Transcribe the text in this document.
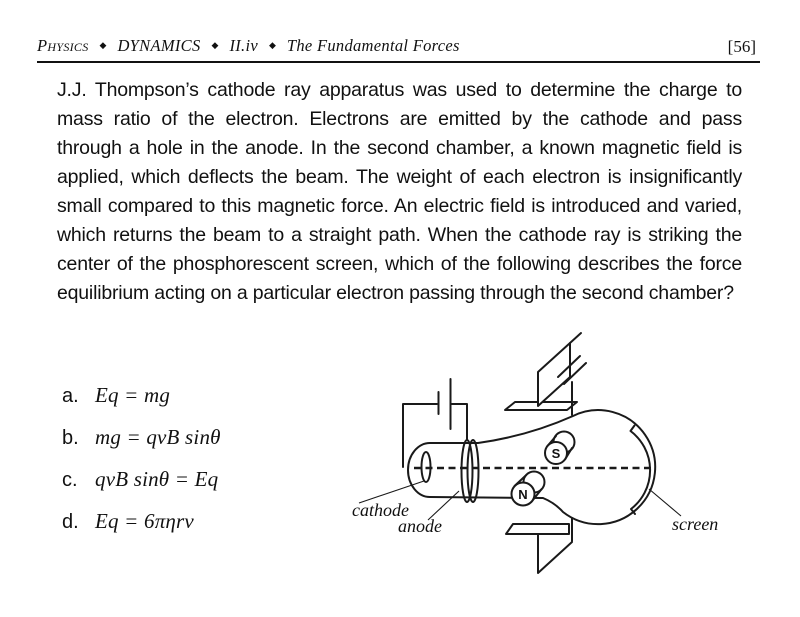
Physics ◆ DYNAMICS ◆ II.iv ◆ The Fundamental Forces	[56]
J.J. Thompson’s cathode ray apparatus was used to determine the charge to mass ratio of the electron. Electrons are emitted by the cathode and pass through a hole in the anode. In the second chamber, a known magnetic field is applied, which deflects the beam. The weight of each electron is insignificantly small compared to this magnetic force. An electric field is introduced and varied, which returns the beam to a straight path. When the cathode ray is striking the center of the phosphorescent screen, which of the following describes the force equilibrium acting on a particular electron passing through the second chamber?
a. Eq = mg
b. mg = qvB sinθ
c. qvB sinθ = Eq
d. Eq = 6πηrv
S
N
cathode
anode	screen
